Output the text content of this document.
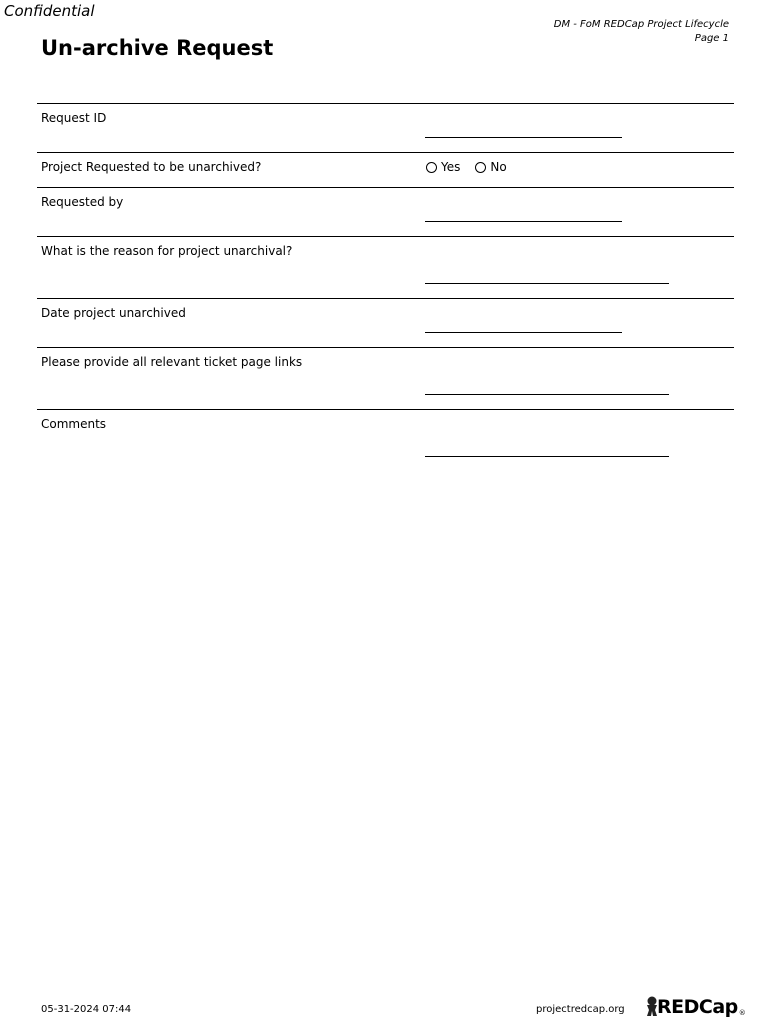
Confidential
DM - FoM REDCap Project Lifecycle
Page 1
Un-archive Request
Request ID
Project Requested to be unarchived?	Yes	No
Requested by
What is the reason for project unarchival?
Date project unarchived
Please provide all relevant ticket page links
Comments
05-31-2024 07:44	projectredcap.org REDCap ®
